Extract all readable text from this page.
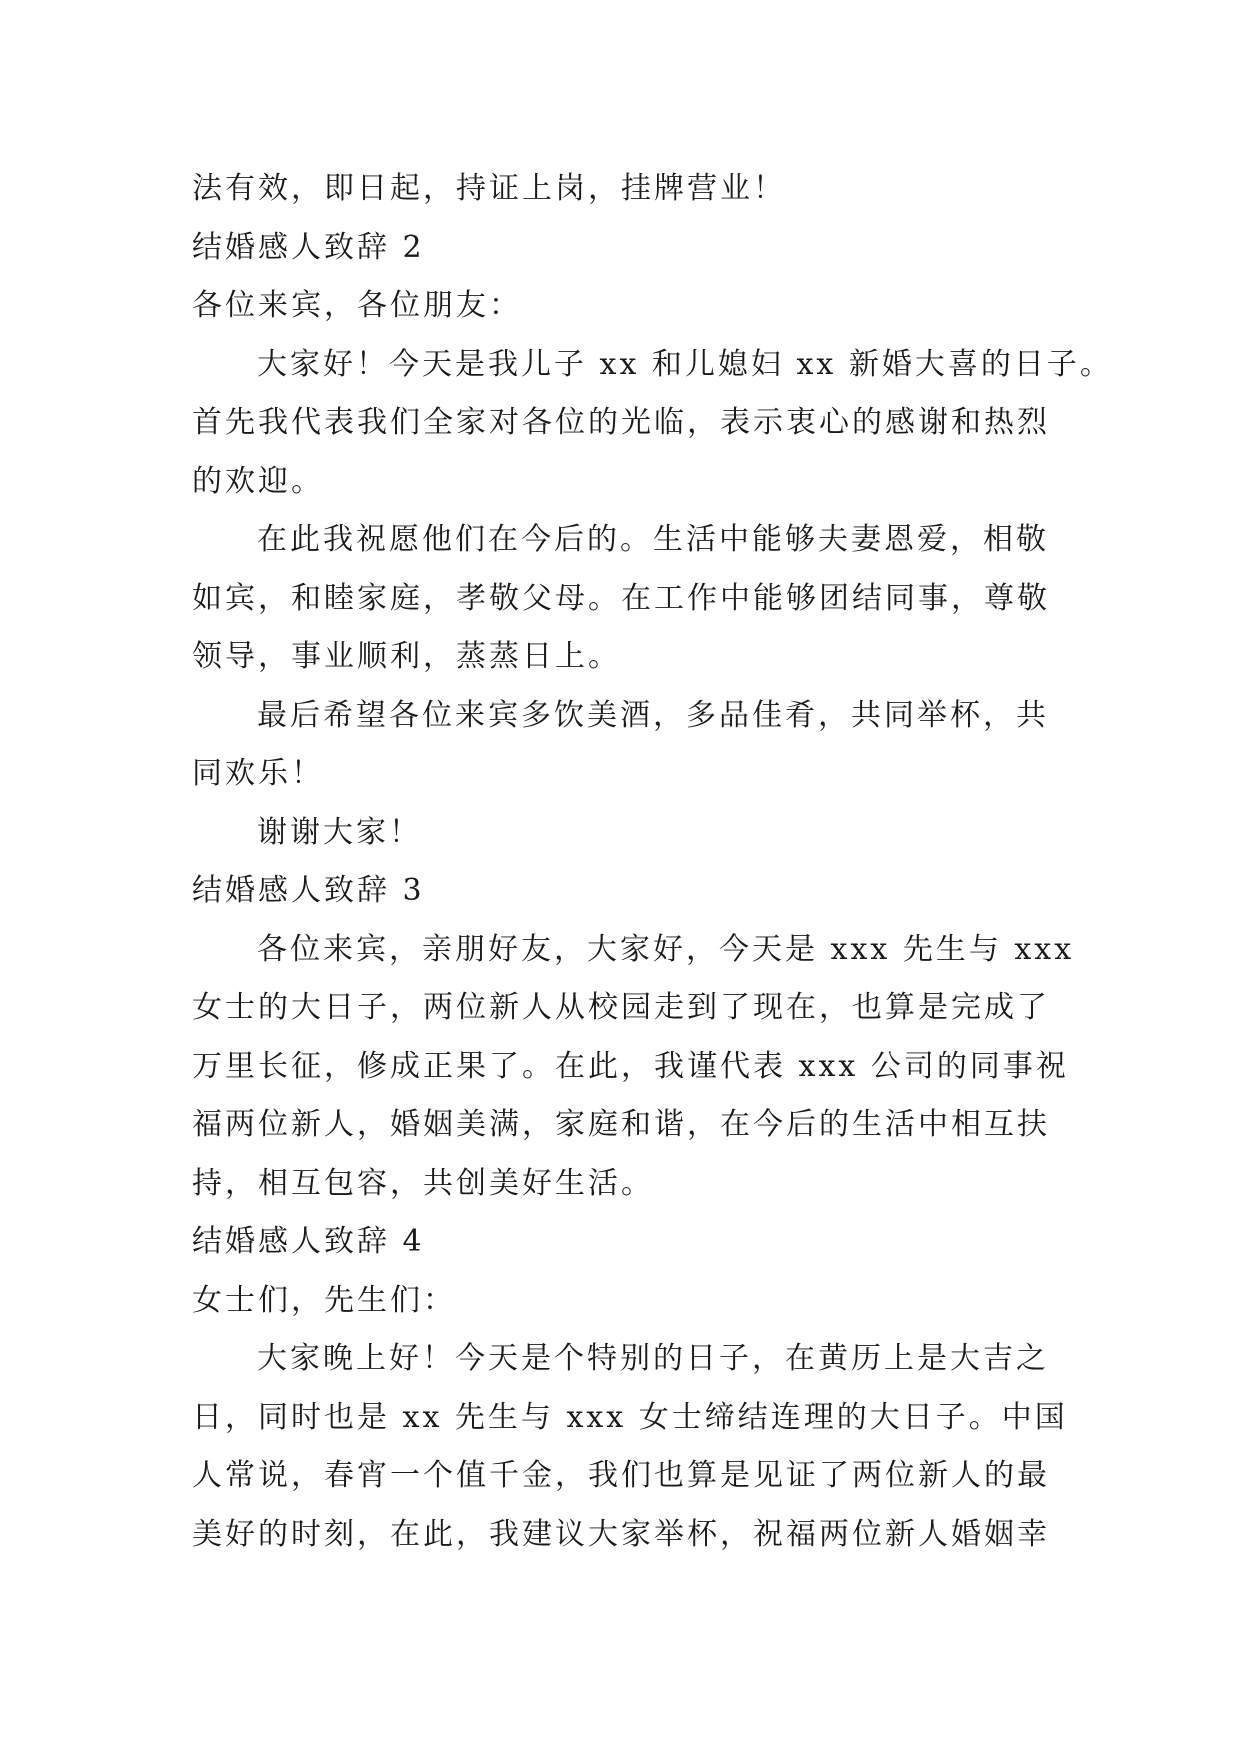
法有效，即日起，持证上岗，挂牌营业！
结婚感人致辞 2
各位来宾，各位朋友：
大家好！今天是我儿子 xx 和儿媳妇 xx 新婚大喜的日子。
首先我代表我们全家对各位的光临，表示衷心的感谢和热烈
的欢迎。
在此我祝愿他们在今后的。生活中能够夫妻恩爱，相敬
如宾，和睦家庭，孝敬父母。在工作中能够团结同事，尊敬
领导，事业顺利，蒸蒸日上。
最后希望各位来宾多饮美酒，多品佳肴，共同举杯，共
同欢乐！
谢谢大家！
结婚感人致辞 3
各位来宾，亲朋好友，大家好，今天是 xxx 先生与 xxx
女士的大日子，两位新人从校园走到了现在，也算是完成了
万里长征，修成正果了。在此，我谨代表 xxx 公司的同事祝
福两位新人，婚姻美满，家庭和谐，在今后的生活中相互扶
持，相互包容，共创美好生活。
结婚感人致辞 4
女士们，先生们：
大家晚上好！今天是个特别的日子，在黄历上是大吉之
日，同时也是 xx 先生与 xxx 女士缔结连理的大日子。中国
人常说，春宵一个值千金，我们也算是见证了两位新人的最
美好的时刻，在此，我建议大家举杯，祝福两位新人婚姻幸
